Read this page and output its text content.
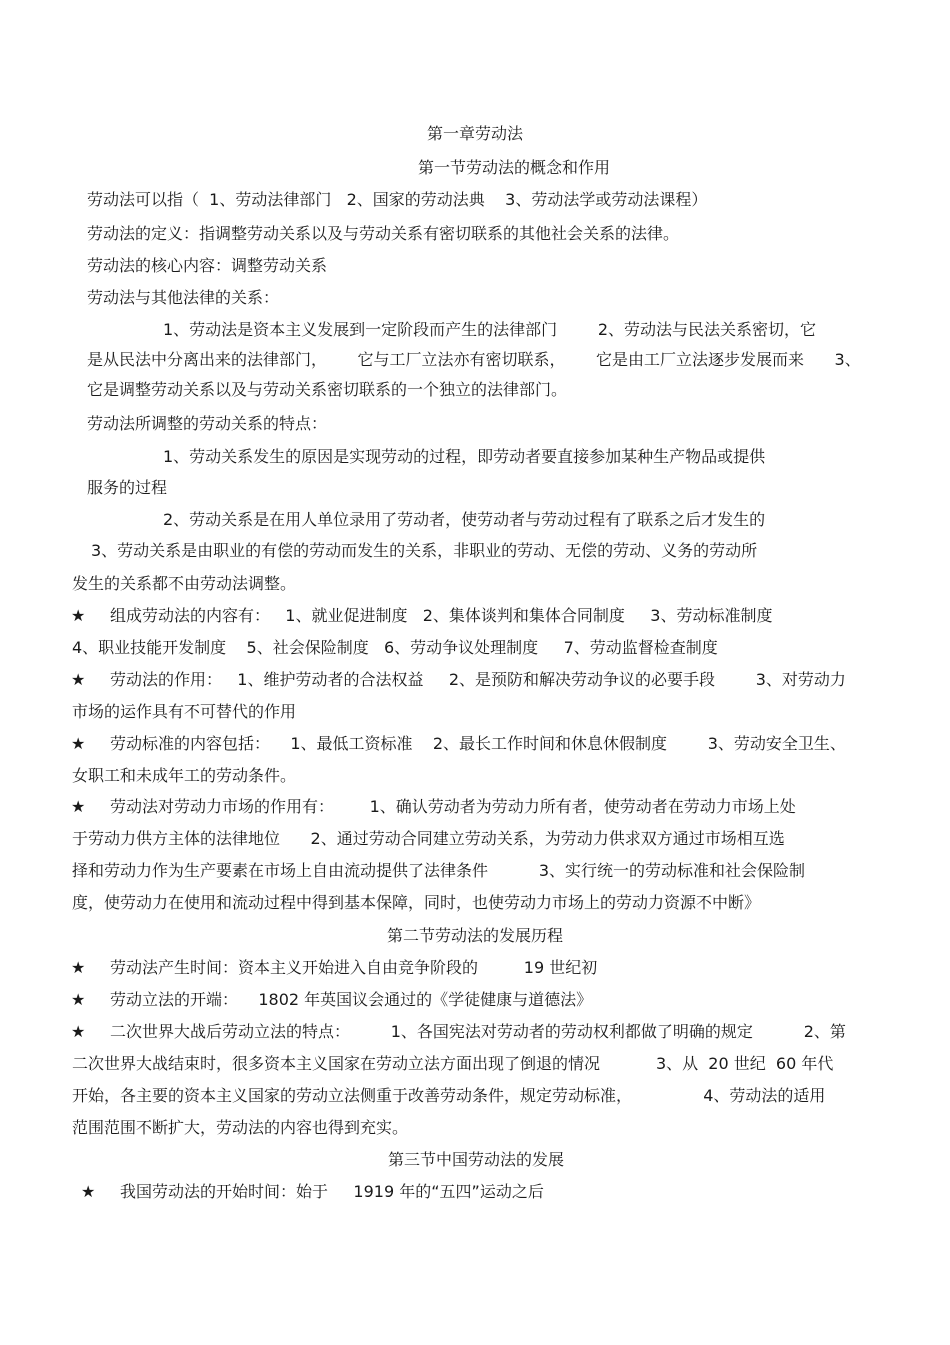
第一章劳动法
第一节劳动法的概念和作用
劳动法可以指（  1、劳动法律部门   2、国家的劳动法典    3、劳动法学或劳动法课程）
劳动法的定义：指调整劳动关系以及与劳动关系有密切联系的其他社会关系的法律。
劳动法的核心内容：调整劳动关系
劳动法与其他法律的关系：
1、劳动法是资本主义发展到一定阶段而产生的法律部门        2、劳动法与民法关系密切，它
是从民法中分离出来的法律部门，      它与工厂立法亦有密切联系，      它是由工厂立法逐步发展而来      3、
它是调整劳动关系以及与劳动关系密切联系的一个独立的法律部门。
劳动法所调整的劳动关系的特点：
1、劳动关系发生的原因是实现劳动的过程，即劳动者要直接参加某种生产物品或提供
服务的过程
2、劳动关系是在用人单位录用了劳动者，使劳动者与劳动过程有了联系之后才发生的
3、劳动关系是由职业的有偿的劳动而发生的关系，非职业的劳动、无偿的劳动、义务的劳动所
发生的关系都不由劳动法调整。
★ 组成劳动法的内容有：   1、就业促进制度   2、集体谈判和集体合同制度     3、劳动标准制度
4、职业技能开发制度    5、社会保险制度   6、劳动争议处理制度     7、劳动监督检查制度
★ 劳动法的作用：   1、维护劳动者的合法权益     2、是预防和解决劳动争议的必要手段        3、对劳动力
市场的运作具有不可替代的作用
★ 劳动标准的内容包括：    1、最低工资标准    2、最长工作时间和休息休假制度        3、劳动安全卫生、
女职工和未成年工的劳动条件。
★ 劳动法对劳动力市场的作用有：       1、确认劳动者为劳动力所有者，使劳动者在劳动力市场上处
于劳动力供方主体的法律地位      2、通过劳动合同建立劳动关系，为劳动力供求双方通过市场相互选
择和劳动力作为生产要素在市场上自由流动提供了法律条件          3、实行统一的劳动标准和社会保险制
度，使劳动力在使用和流动过程中得到基本保障，同时，也使劳动力市场上的劳动力资源不中断》
第二节劳动法的发展历程
★ 劳动法产生时间：资本主义开始进入自由竞争阶段的         19 世纪初
★ 劳动立法的开端：    1802 年英国议会通过的《学徒健康与道德法》
★ 二次世界大战后劳动立法的特点：        1、各国宪法对劳动者的劳动权利都做了明确的规定          2、第
二次世界大战结束时，很多资本主义国家在劳动立法方面出现了倒退的情况           3、从  20 世纪  60 年代
开始，各主要的资本主义国家的劳动立法侧重于改善劳动条件，规定劳动标准，              4、劳动法的适用
范围范围不断扩大，劳动法的内容也得到充实。
第三节中国劳动法的发展
★ 我国劳动法的开始时间：始于     1919 年的“五四”运动之后
